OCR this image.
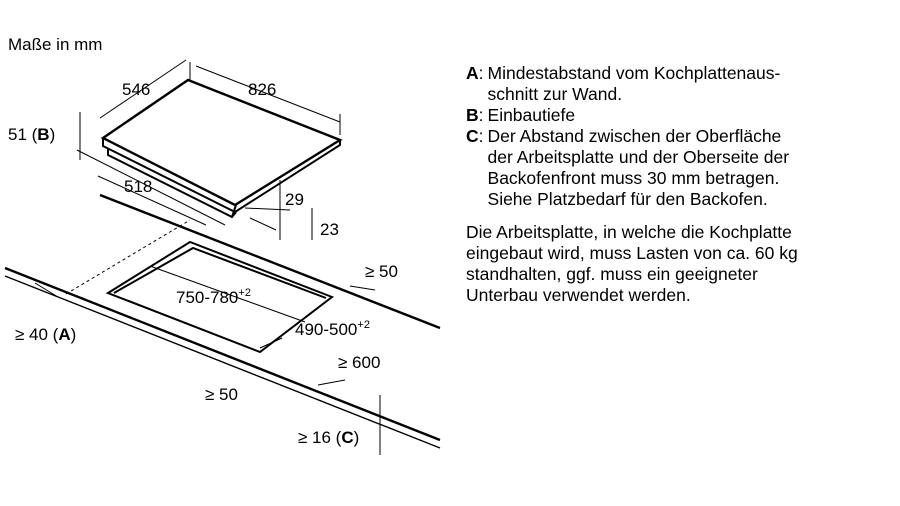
Maße in mm
546	826
51 (B)
518
29
23
≥ 50
$750-780^{+2}$
$490-500^{+2}$
≥ 600
≥ 50
≥ 40 (A)
≥ 16 (C)
A : Mindestabstand vom Kochplattenaus-
schnitt zur Wand.
B : Einbautiefe
C : Der Abstand zwischen der Oberfläche
der Arbeitsplatte und der Oberseite der
Backofenfront muss 30 mm betragen.
Siehe Platzbedarf für den Backofen.
Die Arbeitsplatte, in welche die Kochplatte
eingebaut wird, muss Lasten von ca. 60 kg
standhalten, ggf. muss ein geeigneter
Unterbau verwendet werden.
